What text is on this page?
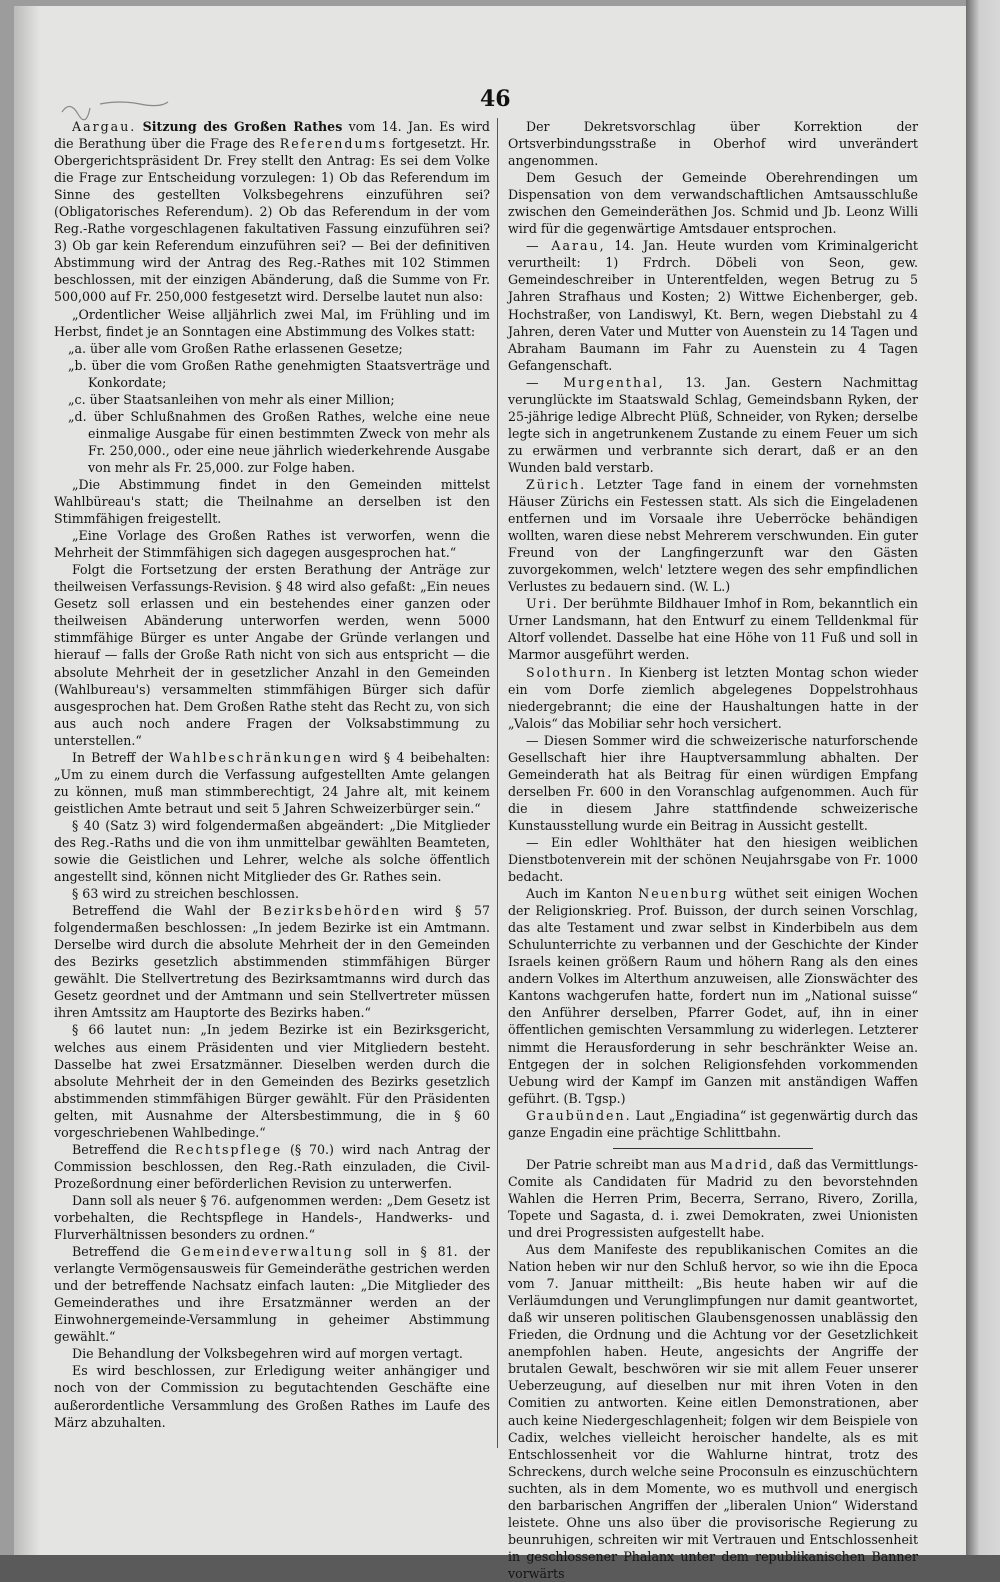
46

Aargau. Sitzung des Großen Rathes vom 14. Jan. Es wird die Berathung über die Frage des Referendums fortgesetzt. Hr. Obergerichtspräsident Dr. Frey stellt den Antrag: Es sei dem Volke die Frage zur Entscheidung vorzulegen: 1) Ob das Referendum im Sinne des gestellten Volksbegehrens einzuführen sei? (Obligatorisches Referendum). 2) Ob das Referendum in der vom Reg.-Rathe vorgeschlagenen fakultativen Fassung einzuführen sei? 3) Ob gar kein Referendum einzuführen sei? — Bei der definitiven Abstimmung wird der Antrag des Reg.-Rathes mit 102 Stimmen beschlossen, mit der einzigen Abänderung, daß die Summe von Fr. 500,000 auf Fr. 250,000 festgesetzt wird. Derselbe lautet nun also:

„Ordentlicher Weise alljährlich zwei Mal, im Frühling und im Herbst, findet je an Sonntagen eine Abstimmung des Volkes statt:

„a. über alle vom Großen Rathe erlassenen Gesetze;

„b. über die vom Großen Rathe genehmigten Staatsverträge und Konkordate;

„c. über Staatsanleihen von mehr als einer Million;

„d. über Schlußnahmen des Großen Rathes, welche eine neue einmalige Ausgabe für einen bestimmten Zweck von mehr als Fr. 250,000., oder eine neue jährlich wiederkehrende Ausgabe von mehr als Fr. 25,000. zur Folge haben.

„Die Abstimmung findet in den Gemeinden mittelst Wahlbüreau's statt; die Theilnahme an derselben ist den Stimmfähigen freigestellt.

„Eine Vorlage des Großen Rathes ist verworfen, wenn die Mehrheit der Stimmfähigen sich dagegen ausgesprochen hat.“

Folgt die Fortsetzung der ersten Berathung der Anträge zur theilweisen Verfassungs-Revision. § 48 wird also gefaßt: „Ein neues Gesetz soll erlassen und ein bestehendes einer ganzen oder theilweisen Abänderung unterworfen werden, wenn 5000 stimmfähige Bürger es unter Angabe der Gründe verlangen und hierauf — falls der Große Rath nicht von sich aus entspricht — die absolute Mehrheit der in gesetzlicher Anzahl in den Gemeinden (Wahlbureau's) versammelten stimmfähigen Bürger sich dafür ausgesprochen hat. Dem Großen Rathe steht das Recht zu, von sich aus auch noch andere Fragen der Volksabstimmung zu unterstellen.“

In Betreff der Wahlbeschränkungen wird § 4 beibehalten: „Um zu einem durch die Verfassung aufgestellten Amte gelangen zu können, muß man stimmberechtigt, 24 Jahre alt, mit keinem geistlichen Amte betraut und seit 5 Jahren Schweizerbürger sein.“

§ 40 (Satz 3) wird folgendermaßen abgeändert: „Die Mitglieder des Reg.-Raths und die von ihm unmittelbar gewählten Beamteten, sowie die Geistlichen und Lehrer, welche als solche öffentlich angestellt sind, können nicht Mitglieder des Gr. Rathes sein.

§ 63 wird zu streichen beschlossen.

Betreffend die Wahl der Bezirksbehörden wird § 57 folgendermaßen beschlossen: „In jedem Bezirke ist ein Amtmann. Derselbe wird durch die absolute Mehrheit der in den Gemeinden des Bezirks gesetzlich abstimmenden stimmfähigen Bürger gewählt. Die Stellvertretung des Bezirksamtmanns wird durch das Gesetz geordnet und der Amtmann und sein Stellvertreter müssen ihren Amtssitz am Hauptorte des Bezirks haben.“

§ 66 lautet nun: „In jedem Bezirke ist ein Bezirksgericht, welches aus einem Präsidenten und vier Mitgliedern besteht. Dasselbe hat zwei Ersatzmänner. Dieselben werden durch die absolute Mehrheit der in den Gemeinden des Bezirks gesetzlich abstimmenden stimmfähigen Bürger gewählt. Für den Präsidenten gelten, mit Ausnahme der Altersbestimmung, die in § 60 vorgeschriebenen Wahlbedinge.“

Betreffend die Rechtspflege (§ 70.) wird nach Antrag der Commission beschlossen, den Reg.-Rath einzuladen, die Civil-Prozeßordnung einer beförderlichen Revision zu unterwerfen.

Dann soll als neuer § 76. aufgenommen werden: „Dem Gesetz ist vorbehalten, die Rechtspflege in Handels-, Handwerks- und Flurverhältnissen besonders zu ordnen.“

Betreffend die Gemeindeverwaltung soll in § 81. der verlangte Vermögensausweis für Gemeinderäthe gestrichen werden und der betreffende Nachsatz einfach lauten: „Die Mitglieder des Gemeinderathes und ihre Ersatzmänner werden an der Einwohnergemeinde-Versammlung in geheimer Abstimmung gewählt.“

Die Behandlung der Volksbegehren wird auf morgen vertagt.

Es wird beschlossen, zur Erledigung weiter anhängiger und noch von der Commission zu begutachtenden Geschäfte eine außerordentliche Versammlung des Großen Rathes im Laufe des März abzuhalten.

Der Dekretsvorschlag über Korrektion der Ortsverbindungsstraße in Oberhof wird unverändert angenommen.

Dem Gesuch der Gemeinde Oberehrendingen um Dispensation von dem verwandschaftlichen Amtsausschluße zwischen den Gemeinderäthen Jos. Schmid und Jb. Leonz Willi wird für die gegenwärtige Amtsdauer entsprochen.

— Aarau, 14. Jan. Heute wurden vom Kriminalgericht verurtheilt: 1) Frdrch. Döbeli von Seon, gew. Gemeindeschreiber in Unterentfelden, wegen Betrug zu 5 Jahren Strafhaus und Kosten; 2) Wittwe Eichenberger, geb. Hochstraßer, von Landiswyl, Kt. Bern, wegen Diebstahl zu 4 Jahren, deren Vater und Mutter von Auenstein zu 14 Tagen und Abraham Baumann im Fahr zu Auenstein zu 4 Tagen Gefangenschaft.

— Murgenthal, 13. Jan. Gestern Nachmittag verunglückte im Staatswald Schlag, Gemeindsbann Ryken, der 25-jährige ledige Albrecht Plüß, Schneider, von Ryken; derselbe legte sich in angetrunkenem Zustande zu einem Feuer um sich zu erwärmen und verbrannte sich derart, daß er an den Wunden bald verstarb.

Zürich. Letzter Tage fand in einem der vornehmsten Häuser Zürichs ein Festessen statt. Als sich die Eingeladenen entfernen und im Vorsaale ihre Ueberröcke behändigen wollten, waren diese nebst Mehrerem verschwunden. Ein guter Freund von der Langfingerzunft war den Gästen zuvorgekommen, welch' letztere wegen des sehr empfindlichen Verlustes zu bedauern sind. (W. L.)

Uri. Der berühmte Bildhauer Imhof in Rom, bekanntlich ein Urner Landsmann, hat den Entwurf zu einem Telldenkmal für Altorf vollendet. Dasselbe hat eine Höhe von 11 Fuß und soll in Marmor ausgeführt werden.

Solothurn. In Kienberg ist letzten Montag schon wieder ein vom Dorfe ziemlich abgelegenes Doppelstrohhaus niedergebrannt; die eine der Haushaltungen hatte in der „Valois“ das Mobiliar sehr hoch versichert.

— Diesen Sommer wird die schweizerische naturforschende Gesellschaft hier ihre Hauptversammlung abhalten. Der Gemeinderath hat als Beitrag für einen würdigen Empfang derselben Fr. 600 in den Voranschlag aufgenommen. Auch für die in diesem Jahre stattfindende schweizerische Kunstausstellung wurde ein Beitrag in Aussicht gestellt.

— Ein edler Wohlthäter hat den hiesigen weiblichen Dienstbotenverein mit der schönen Neujahrsgabe von Fr. 1000 bedacht.

Auch im Kanton Neuenburg wüthet seit einigen Wochen der Religionskrieg. Prof. Buisson, der durch seinen Vorschlag, das alte Testament und zwar selbst in Kinderbibeln aus dem Schulunterrichte zu verbannen und der Geschichte der Kinder Israels keinen größern Raum und höhern Rang als den eines andern Volkes im Alterthum anzuweisen, alle Zionswächter des Kantons wachgerufen hatte, fordert nun im „National suisse“ den Anführer derselben, Pfarrer Godet, auf, ihn in einer öffentlichen gemischten Versammlung zu widerlegen. Letzterer nimmt die Herausforderung in sehr beschränkter Weise an. Entgegen der in solchen Religionsfehden vorkommenden Uebung wird der Kampf im Ganzen mit anständigen Waffen geführt. (B. Tgsp.)

Graubünden. Laut „Engiadina“ ist gegenwärtig durch das ganze Engadin eine prächtige Schlittbahn.

Der Patrie schreibt man aus Madrid, daß das Vermittlungs-Comite als Candidaten für Madrid zu den bevorstehnden Wahlen die Herren Prim, Becerra, Serrano, Rivero, Zorilla, Topete und Sagasta, d. i. zwei Demokraten, zwei Unionisten und drei Progressisten aufgestellt habe.

Aus dem Manifeste des republikanischen Comites an die Nation heben wir nur den Schluß hervor, so wie ihn die Epoca vom 7. Januar mittheilt: „Bis heute haben wir auf die Verläumdungen und Verunglimpfungen nur damit geantwortet, daß wir unseren politischen Glaubensgenossen unablässig den Frieden, die Ordnung und die Achtung vor der Gesetzlichkeit anempfohlen haben. Heute, angesichts der Angriffe der brutalen Gewalt, beschwören wir sie mit allem Feuer unserer Ueberzeugung, auf dieselben nur mit ihren Voten in den Comitien zu antworten. Keine eitlen Demonstrationen, aber auch keine Niedergeschlagenheit; folgen wir dem Beispiele von Cadix, welches vielleicht heroischer handelte, als es mit Entschlossenheit vor die Wahlurne hintrat, trotz des Schreckens, durch welche seine Proconsuln es einzuschüchtern suchten, als in dem Momente, wo es muthvoll und energisch den barbarischen Angriffen der „liberalen Union“ Widerstand leistete. Ohne uns also über die provisorische Regierung zu beunruhigen, schreiten wir mit Vertrauen und Entschlossenheit in geschlossener Phalanx unter dem republikanischen Banner vorwärts
